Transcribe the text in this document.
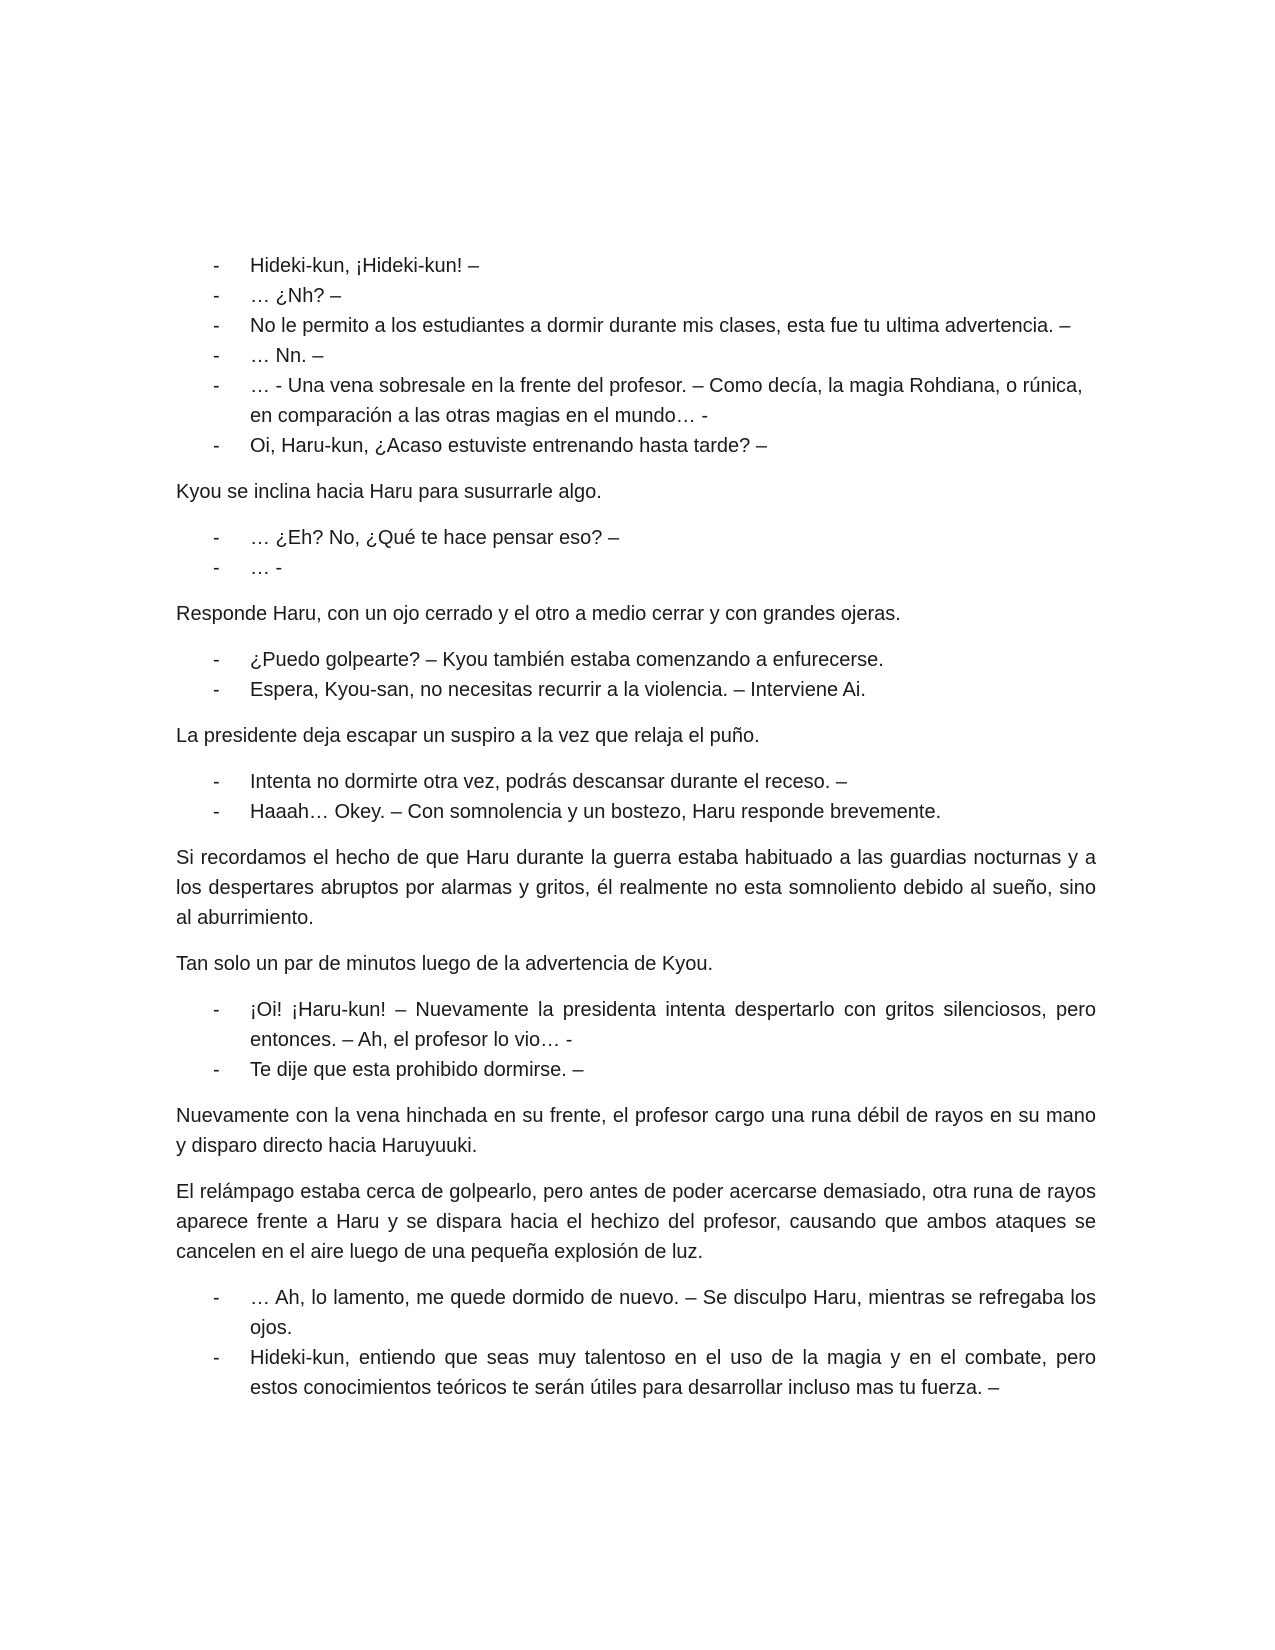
- Hideki-kun, ¡Hideki-kun! –
- … ¿Nh? –
- No le permito a los estudiantes a dormir durante mis clases, esta fue tu ultima advertencia. –
- … Nn. –
- … - Una vena sobresale en la frente del profesor. – Como decía, la magia Rohdiana, o rúnica, en comparación a las otras magias en el mundo… -
- Oi, Haru-kun, ¿Acaso estuviste entrenando hasta tarde? –

Kyou se inclina hacia Haru para susurrarle algo.

- … ¿Eh? No, ¿Qué te hace pensar eso? –
- … -

Responde Haru, con un ojo cerrado y el otro a medio cerrar y con grandes ojeras.

- ¿Puedo golpearte? – Kyou también estaba comenzando a enfurecerse.
- Espera, Kyou-san, no necesitas recurrir a la violencia. – Interviene Ai.

La presidente deja escapar un suspiro a la vez que relaja el puño.

- Intenta no dormirte otra vez, podrás descansar durante el receso. –
- Haaah… Okey. – Con somnolencia y un bostezo, Haru responde brevemente.

Si recordamos el hecho de que Haru durante la guerra estaba habituado a las guardias nocturnas y a los despertares abruptos por alarmas y gritos, él realmente no esta somnoliento debido al sueño, sino al aburrimiento.

Tan solo un par de minutos luego de la advertencia de Kyou.

- ¡Oi! ¡Haru-kun! – Nuevamente la presidenta intenta despertarlo con gritos silenciosos, pero entonces. – Ah, el profesor lo vio… -
- Te dije que esta prohibido dormirse. –

Nuevamente con la vena hinchada en su frente, el profesor cargo una runa débil de rayos en su mano y disparo directo hacia Haruyuuki.

El relámpago estaba cerca de golpearlo, pero antes de poder acercarse demasiado, otra runa de rayos aparece frente a Haru y se dispara hacia el hechizo del profesor, causando que ambos ataques se cancelen en el aire luego de una pequeña explosión de luz.

- … Ah, lo lamento, me quede dormido de nuevo. – Se disculpo Haru, mientras se refregaba los ojos.
- Hideki-kun, entiendo que seas muy talentoso en el uso de la magia y en el combate, pero estos conocimientos teóricos te serán útiles para desarrollar incluso mas tu fuerza. –
